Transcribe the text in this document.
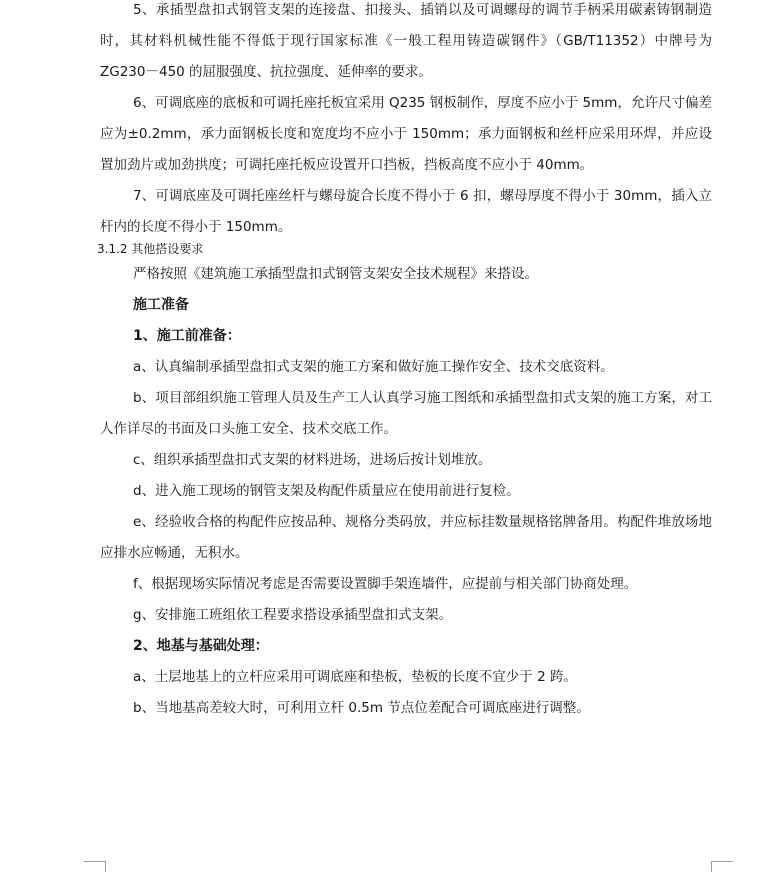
5、承插型盘扣式钢管支架的连接盘、扣接头、插销以及可调螺母的调节手柄采用碳素铸钢制造时，其材料机械性能不得低于现行国家标准《一般工程用铸造碳钢件》（GB/T11352）中牌号为 ZG230－450 的屈服强度、抗拉强度、延伸率的要求。

6、可调底座的底板和可调托座托板宜采用 Q235 钢板制作，厚度不应小于 5mm，允许尺寸偏差应为±0.2mm，承力面钢板长度和宽度均不应小于 150mm；承力面钢板和丝杆应采用环焊，并应设置加劲片或加劲拱度；可调托座托板应设置开口挡板，挡板高度不应小于 40mm。

7、可调底座及可调托座丝杆与螺母旋合长度不得小于 6 扣，螺母厚度不得小于 30mm，插入立杆内的长度不得小于 150mm。

3.1.2 其他搭设要求

严格按照《建筑施工承插型盘扣式钢管支架安全技术规程》来搭设。

施工准备

1、施工前准备：

a、认真编制承插型盘扣式支架的施工方案和做好施工操作安全、技术交底资料。

b、项目部组织施工管理人员及生产工人认真学习施工图纸和承插型盘扣式支架的施工方案，对工人作详尽的书面及口头施工安全、技术交底工作。

c、组织承插型盘扣式支架的材料进场，进场后按计划堆放。

d、进入施工现场的钢管支架及构配件质量应在使用前进行复检。

e、经验收合格的构配件应按品种、规格分类码放，并应标挂数量规格铭牌备用。构配件堆放场地应排水应畅通，无积水。

f、根据现场实际情况考虑是否需要设置脚手架连墙件，应提前与相关部门协商处理。

g、安排施工班组依工程要求搭设承插型盘扣式支架。

2、地基与基础处理：

a、土层地基上的立杆应采用可调底座和垫板，垫板的长度不宜少于 2 跨。

b、当地基高差较大时，可利用立杆 0.5m 节点位差配合可调底座进行调整。
